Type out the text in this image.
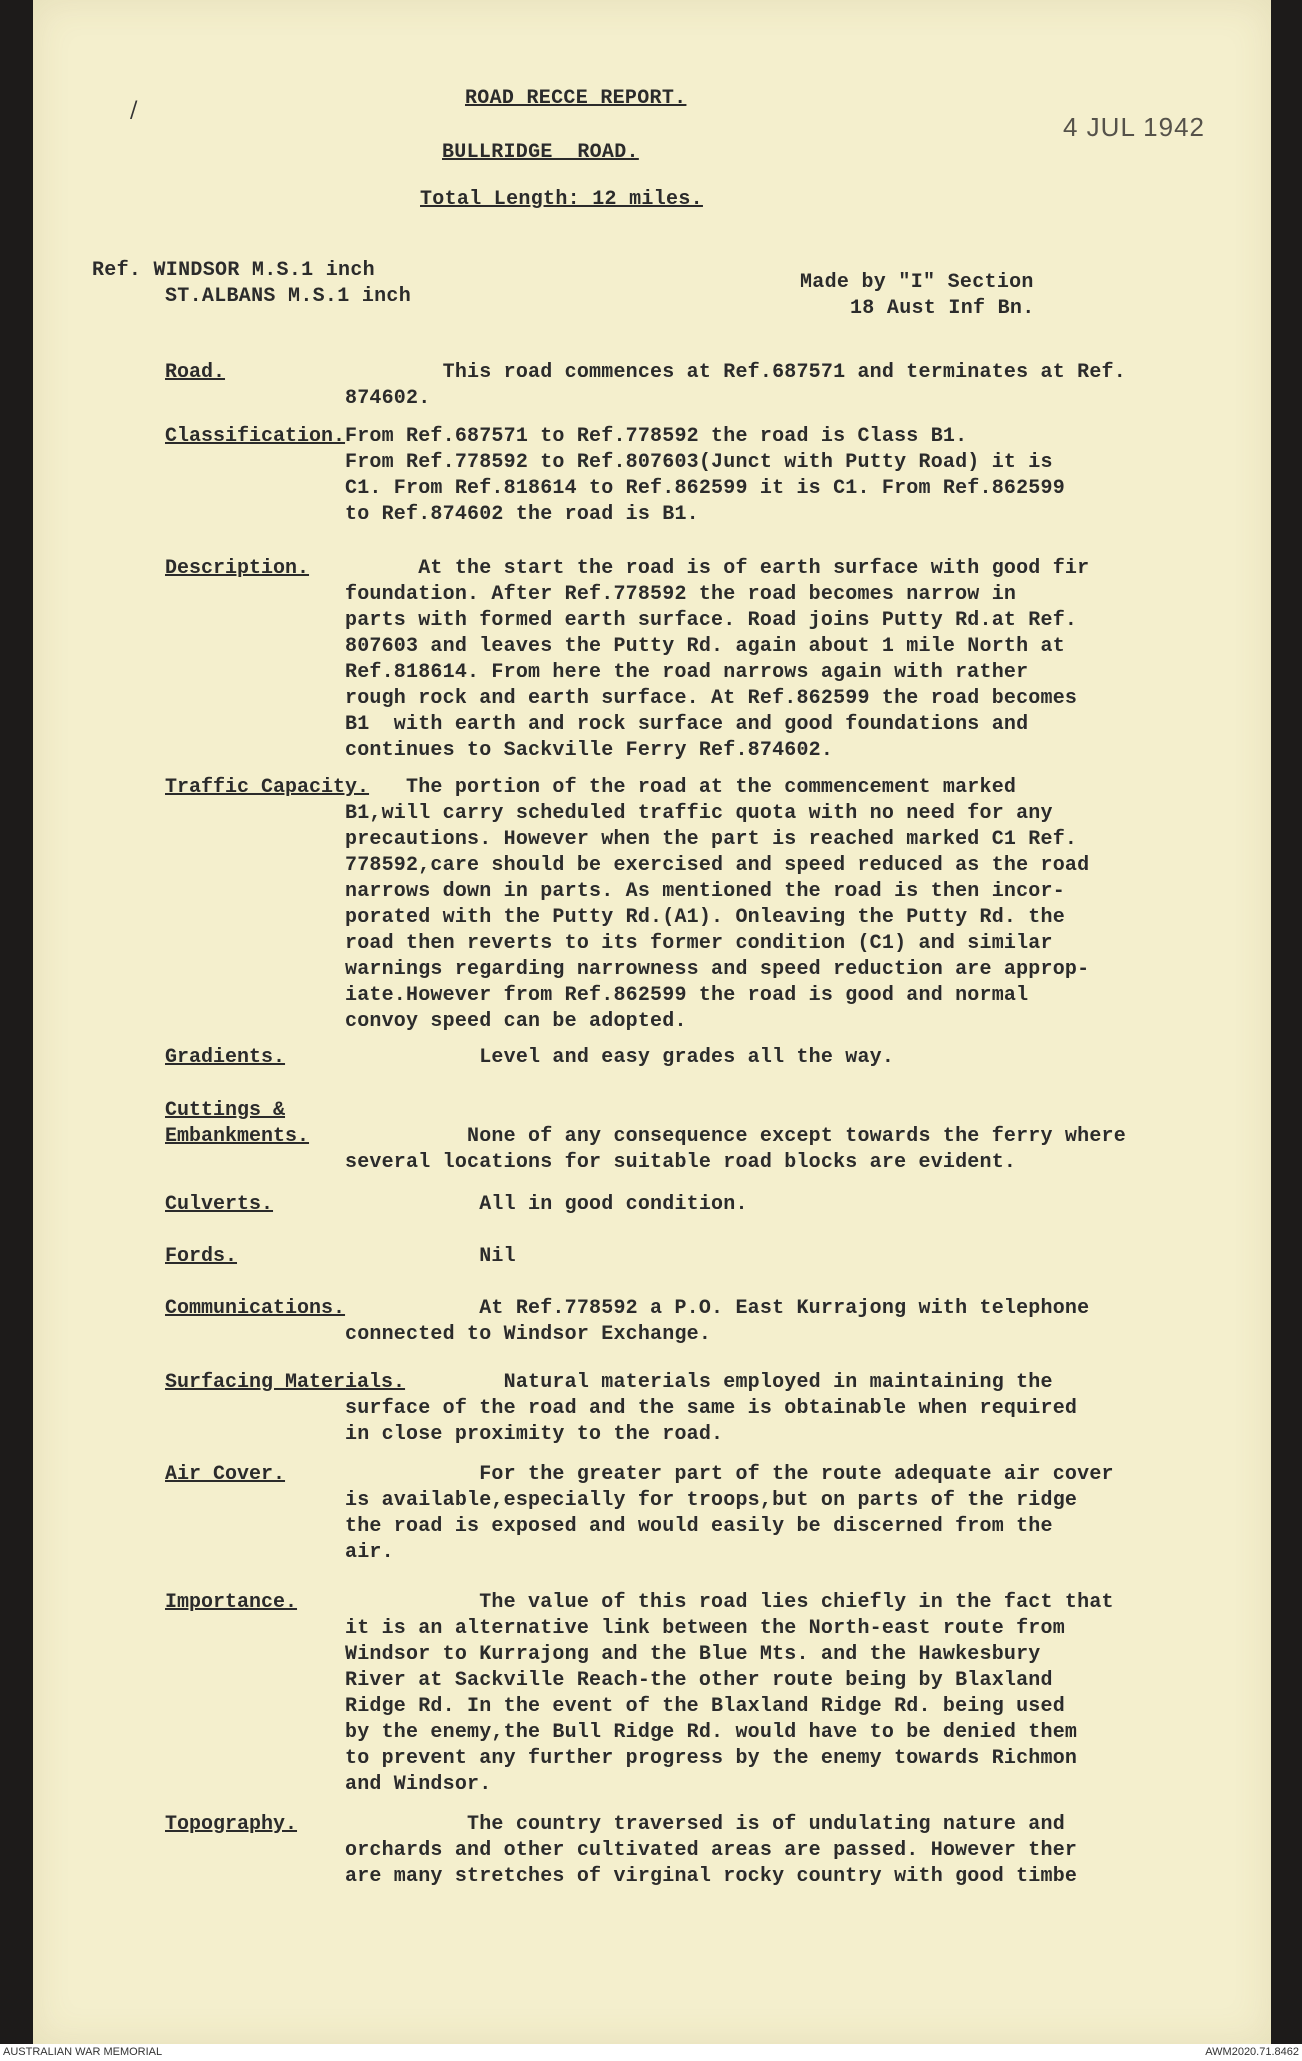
/	ROAD RECCE REPORT.
BULLRIDGE  ROAD.
Total Length: 12 miles.
4 JUL 1942
Ref. WINDSOR M.S.1 inch
ST.ALBANS M.S.1 inch
Made by "I" Section
18 Aust Inf Bn.
Road.	This road commences at Ref.687571 and terminates at Ref.
874602.
Classification. From Ref.687571 to Ref.778592 the road is Class B1.
From Ref.778592 to Ref.807603(Junct with Putty Road) it is
C1. From Ref.818614 to Ref.862599 it is C1. From Ref.862599
to Ref.874602 the road is B1.
Description. At the start the road is of earth surface with good fir
foundation. After Ref.778592 the road becomes narrow in
parts with formed earth surface. Road joins Putty Rd.at Ref.
807603 and leaves the Putty Rd. again about 1 mile North at
Ref.818614. From here the road narrows again with rather
rough rock and earth surface. At Ref.862599 the road becomes
B1  with earth and rock surface and good foundations and
continues to Sackville Ferry Ref.874602.
Traffic Capacity.
The portion of the road at the commencement marked
B1,will carry scheduled traffic quota with no need for any
precautions. However when the part is reached marked C1 Ref.
778592,care should be exercised and speed reduced as the road
narrows down in parts. As mentioned the road is then incor-
porated with the Putty Rd.(A1). Onleaving the Putty Rd. the
road then reverts to its former condition (C1) and similar
warnings regarding narrowness and speed reduction are approp-
iate.However from Ref.862599 the road is good and normal
convoy speed can be adopted.
Gradients.	Level and easy grades all the way.
Cuttings &
Embankments. None of any consequence except towards the ferry where
several locations for suitable road blocks are evident.
Culverts.	All in good condition.
Fords.	Nil
Communications. At Ref.778592 a P.O. East Kurrajong with telephone
connected to Windsor Exchange.
Surfacing Materials.
Natural materials employed in maintaining the
surface of the road and the same is obtainable when required
in close proximity to the road.
Air Cover.	For the greater part of the route adequate air cover
is available,especially for troops,but on parts of the ridge
the road is exposed and would easily be discerned from the
air.
Importance. The value of this road lies chiefly in the fact that
it is an alternative link between the North-east route from
Windsor to Kurrajong and the Blue Mts. and the Hawkesbury
River at Sackville Reach-the other route being by Blaxland
Ridge Rd. In the event of the Blaxland Ridge Rd. being used
by the enemy,the Bull Ridge Rd. would have to be denied them
to prevent any further progress by the enemy towards Richmon
and Windsor.
Topography. The country traversed is of undulating nature and
orchards and other cultivated areas are passed. However ther
are many stretches of virginal rocky country with good timbe
AUSTRALIAN WAR MEMORIAL	AWM2020.71.8462
